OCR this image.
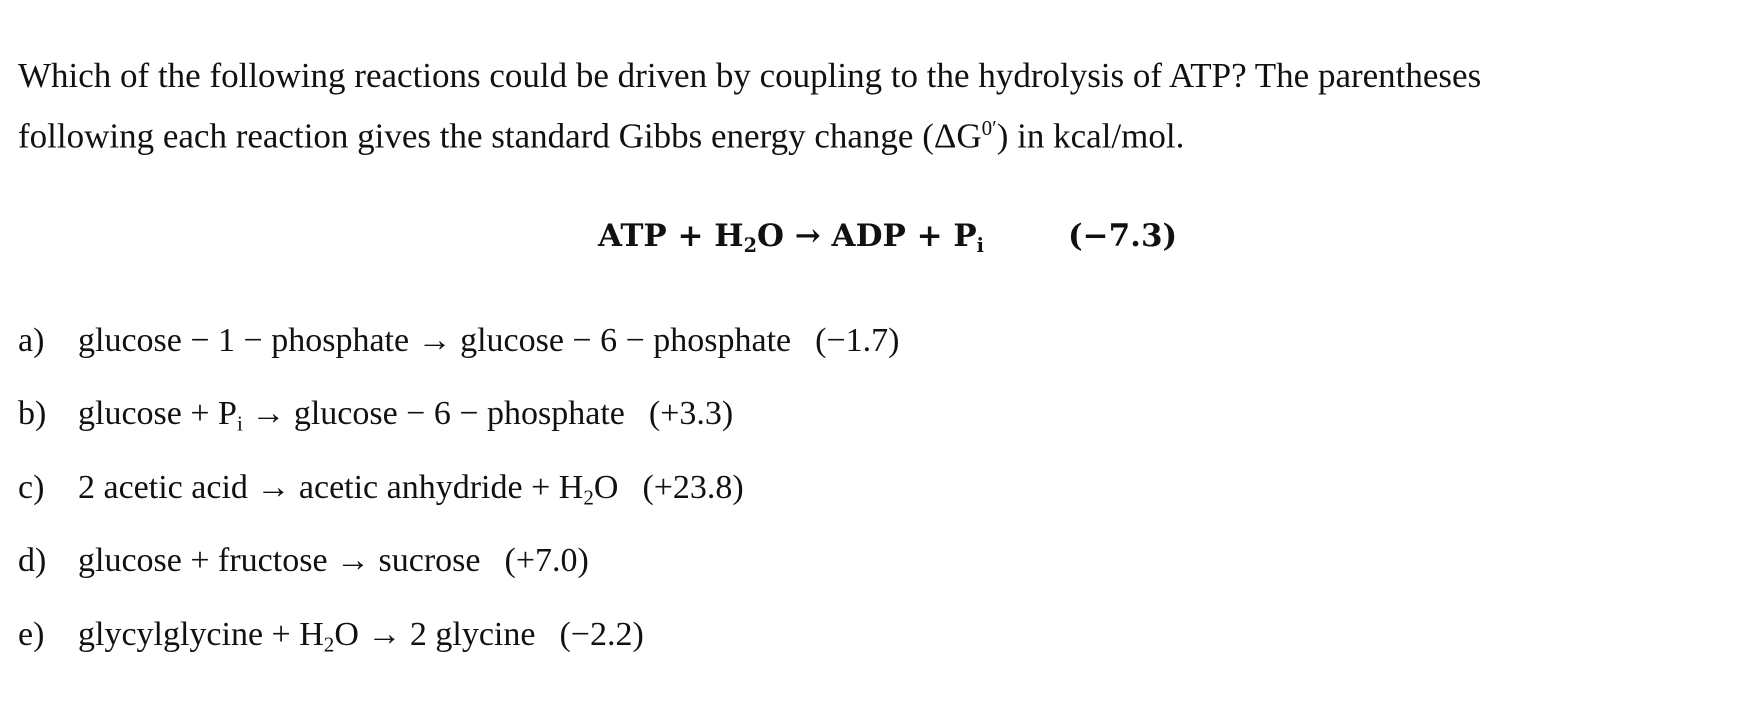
Which of the following reactions could be driven by coupling to the hydrolysis of ATP? The parentheses

following each reaction gives the standard Gibbs energy change $(\Delta G^{0'})$ in kcal/mol.

ATP + $H_2O$ → ADP + $P_i$	(−7.3)
a) glucose − 1 − phosphate → glucose − 6 − phosphate (−1.7)
b) $glucose + P_i \to glucose - 6$ − phosphate (+3.3)
c) 2 acetic acid → acetic anhydride + $H_2O$ (+23.8)
d) glucose + fructose → sucrose (+7.0)
e) glycylglycine + $H_2O \to 2$ glycine (−2.2)
